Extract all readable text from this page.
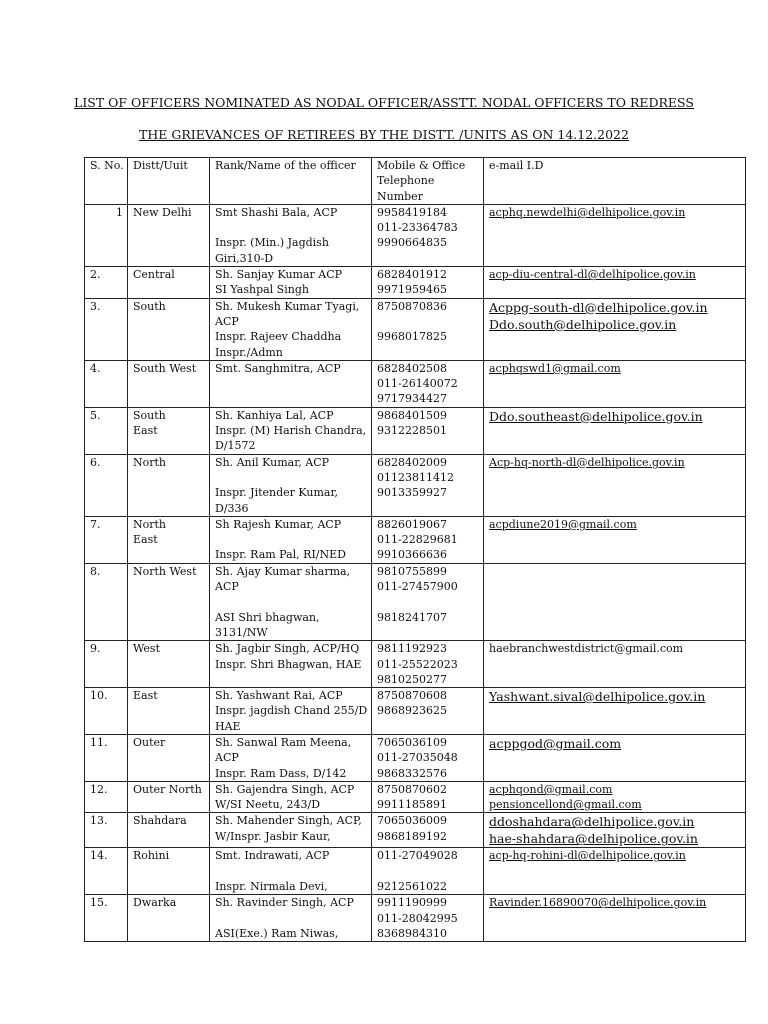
LIST OF OFFICERS NOMINATED AS NODAL OFFICER/ASSTT. NODAL OFFICERS TO REDRESS
THE GRIEVANCES OF RETIREES BY THE DISTT. /UNITS AS ON 14.12.2022
S. No.	Distt/Uuit	Rank/Name of the officer	Mobile & Office
Telephone
Number	e-mail I.D
1	New Delhi	Smt Shashi Bala, ACP
Inspr. (Min.) Jagdish
Giri,310-D	9958419184
011-23364783
9990664835	acphq.newdelhi@delhipolice.gov.in

2.	Central	Sh. Sanjay Kumar ACP
SI Yashpal Singh	6828401912
9971959465	acp-diu-central-dl@delhipolice.gov.in

3.	South	Sh. Mukesh Kumar Tyagi,
ACP
Inspr. Rajeev Chaddha
Inspr./Admn	8750870836
9968017825	Acppg-south-dl@delhipolice.gov.in
Ddo.south@delhipolice.gov.in

4.	South West	Smt. Sanghmitra, ACP	6828402508
011-26140072
9717934427	acphqswd1@gmail.com

5.	South
East	Sh. Kanhiya Lal, ACP
Inspr. (M) Harish Chandra,
D/1572	9868401509
9312228501	Ddo.southeast@delhipolice.gov.in

6.	North	Sh. Anil Kumar, ACP
Inspr. Jitender Kumar,
D/336	6828402009
01123811412
9013359927	Acp-hq-north-dl@delhipolice.gov.in

7.	North
East	Sh Rajesh Kumar, ACP
Inspr. Ram Pal, RI/NED	8826019067
011-22829681
9910366636	acpdiune2019@gmail.com

8.	North West	Sh. Ajay Kumar sharma,
ACP
ASI Shri bhagwan,
3131/NW	9810755899
011-27457900
9818241707	

9.	West	Sh. Jagbir Singh, ACP/HQ
Inspr. Shri Bhagwan, HAE	9811192923
011-25522023
9810250277	haebranchwestdistrict@gmail.com

10.	East	Sh. Yashwant Rai, ACP
Inspr. jagdish Chand 255/D
HAE	8750870608
9868923625	Yashwant.sival@delhipolice.gov.in

11.	Outer	Sh. Sanwal Ram Meena,
ACP
Inspr. Ram Dass, D/142	7065036109
011-27035048
9868332576	acppgod@gmail.com

12.	Outer North	Sh. Gajendra Singh, ACP
W/SI Neetu, 243/D	8750870602
9911185891	acphqond@gmail.com
pensioncellond@gmail.com

13.	Shahdara	Sh. Mahender Singh, ACP,
W/Inspr. Jasbir Kaur,	7065036009
9868189192	ddoshahdara@delhipolice.gov.in
hae-shahdara@delhipolice.gov.in

14.	Rohini	Smt. Indrawati, ACP
Inspr. Nirmala Devi,	011-27049028
9212561022	acp-hq-rohini-dl@delhipolice.gov.in

15.	Dwarka	Sh. Ravinder Singh, ACP
ASI(Exe.) Ram Niwas,	9911190999
011-28042995
8368984310	Ravinder.16890070@delhipolice.gov.in
